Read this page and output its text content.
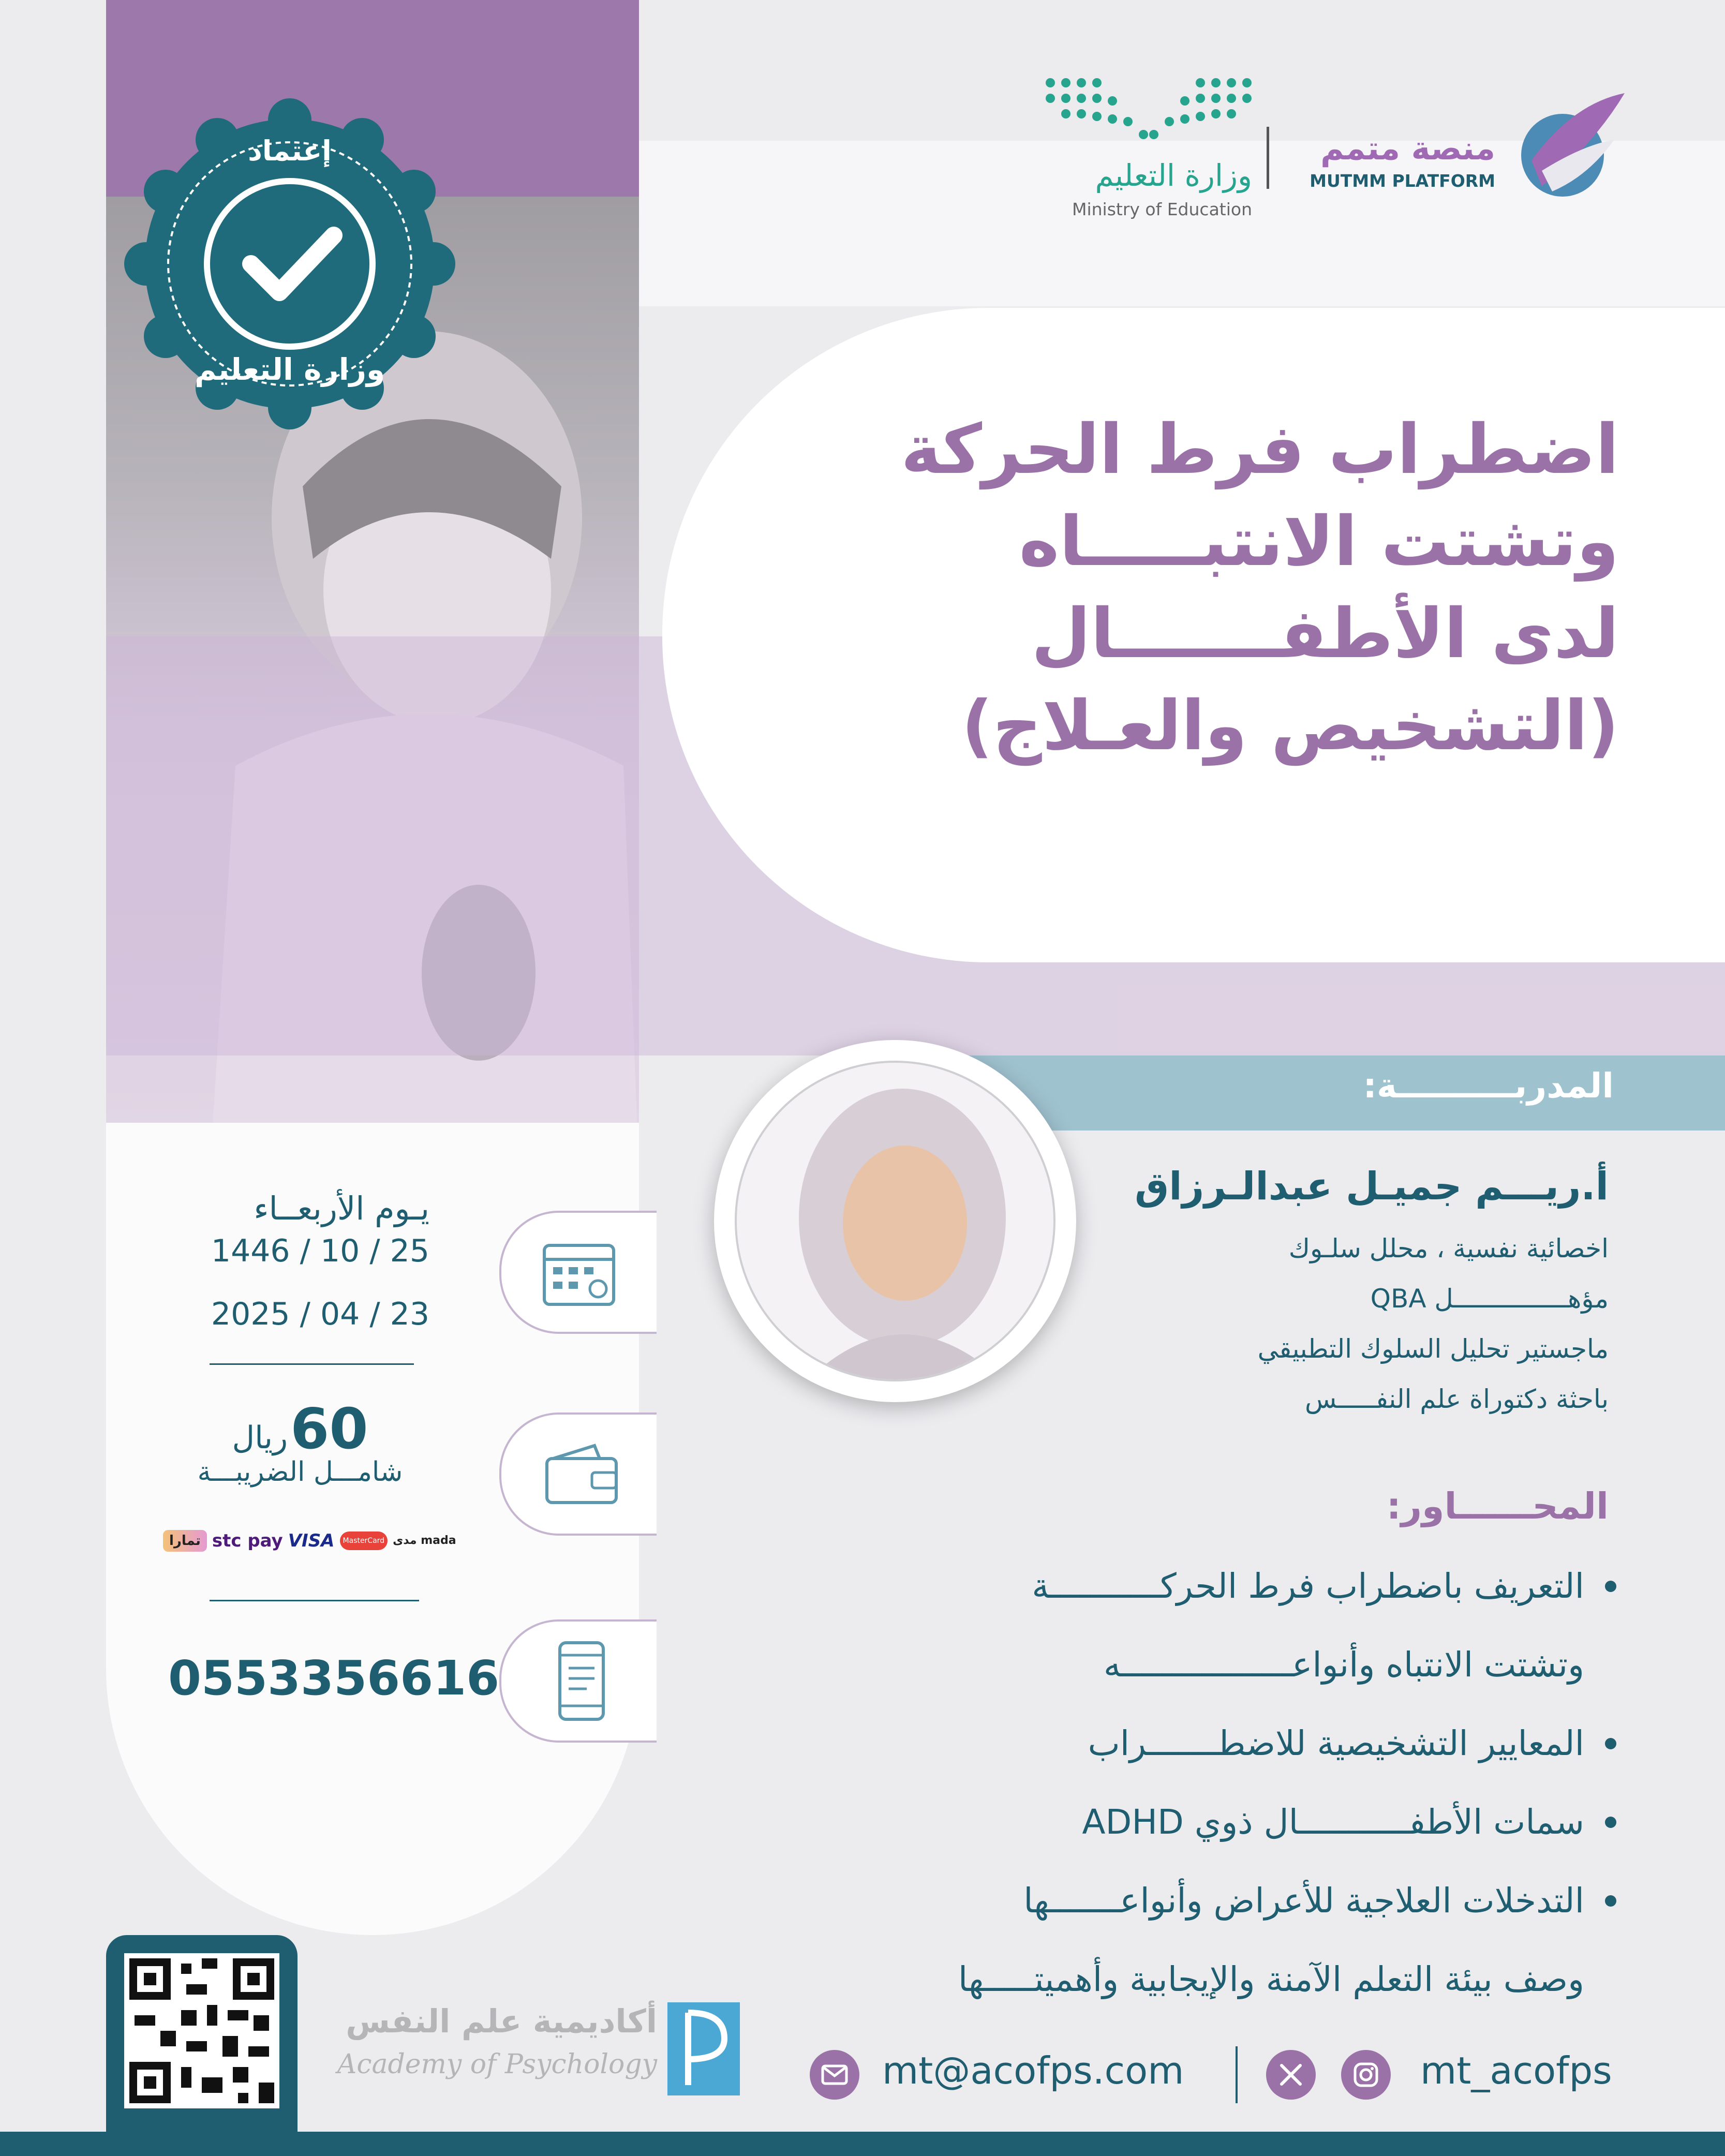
وزارة التعليم
Ministry of Education
منصة متمم
MUTMM PLATFORM
إعتماد
وزارة التعليم
اضطراب فرط الحركة
وتشتت الانتبـــــاه
لدى الأطفـــــــال
(التشخيص والعـلاج)
المدربــــــــــة:
أ.ريـــم جميـل عبدالـرزاق
اخصائية نفسية ، محلل سلـوك
مؤهـــــــــــــــل QBA
ماجستير تحليل السلوك التطبيقي
باحثة دكتوراة علم النفـــــس
يـوم الأربعــاء
1446 / 10 / 25
2025 / 04 / 23
60 ريال
شامـــل الضريبـــة
تمارا stc pay VISA	MasterCard مدى mada
0553356616
المحــــــاور:
التعريف باضطراب فرط الحركـــــــــــة
وتشتت الانتباه وأنواعـــــــــــــــــه
المعايير التشخيصية للاضطـــــــراب
سمات الأطفـــــــــــال ذوي ADHD
التدخلات العلاجية للأعراض وأنواعـــــــها
وصف بيئة التعلم الآمنة والإيجابية وأهميتـــــها
أكاديمية علم النفس
Academy of Psychology	mt@acofps.com	mt_acofps
